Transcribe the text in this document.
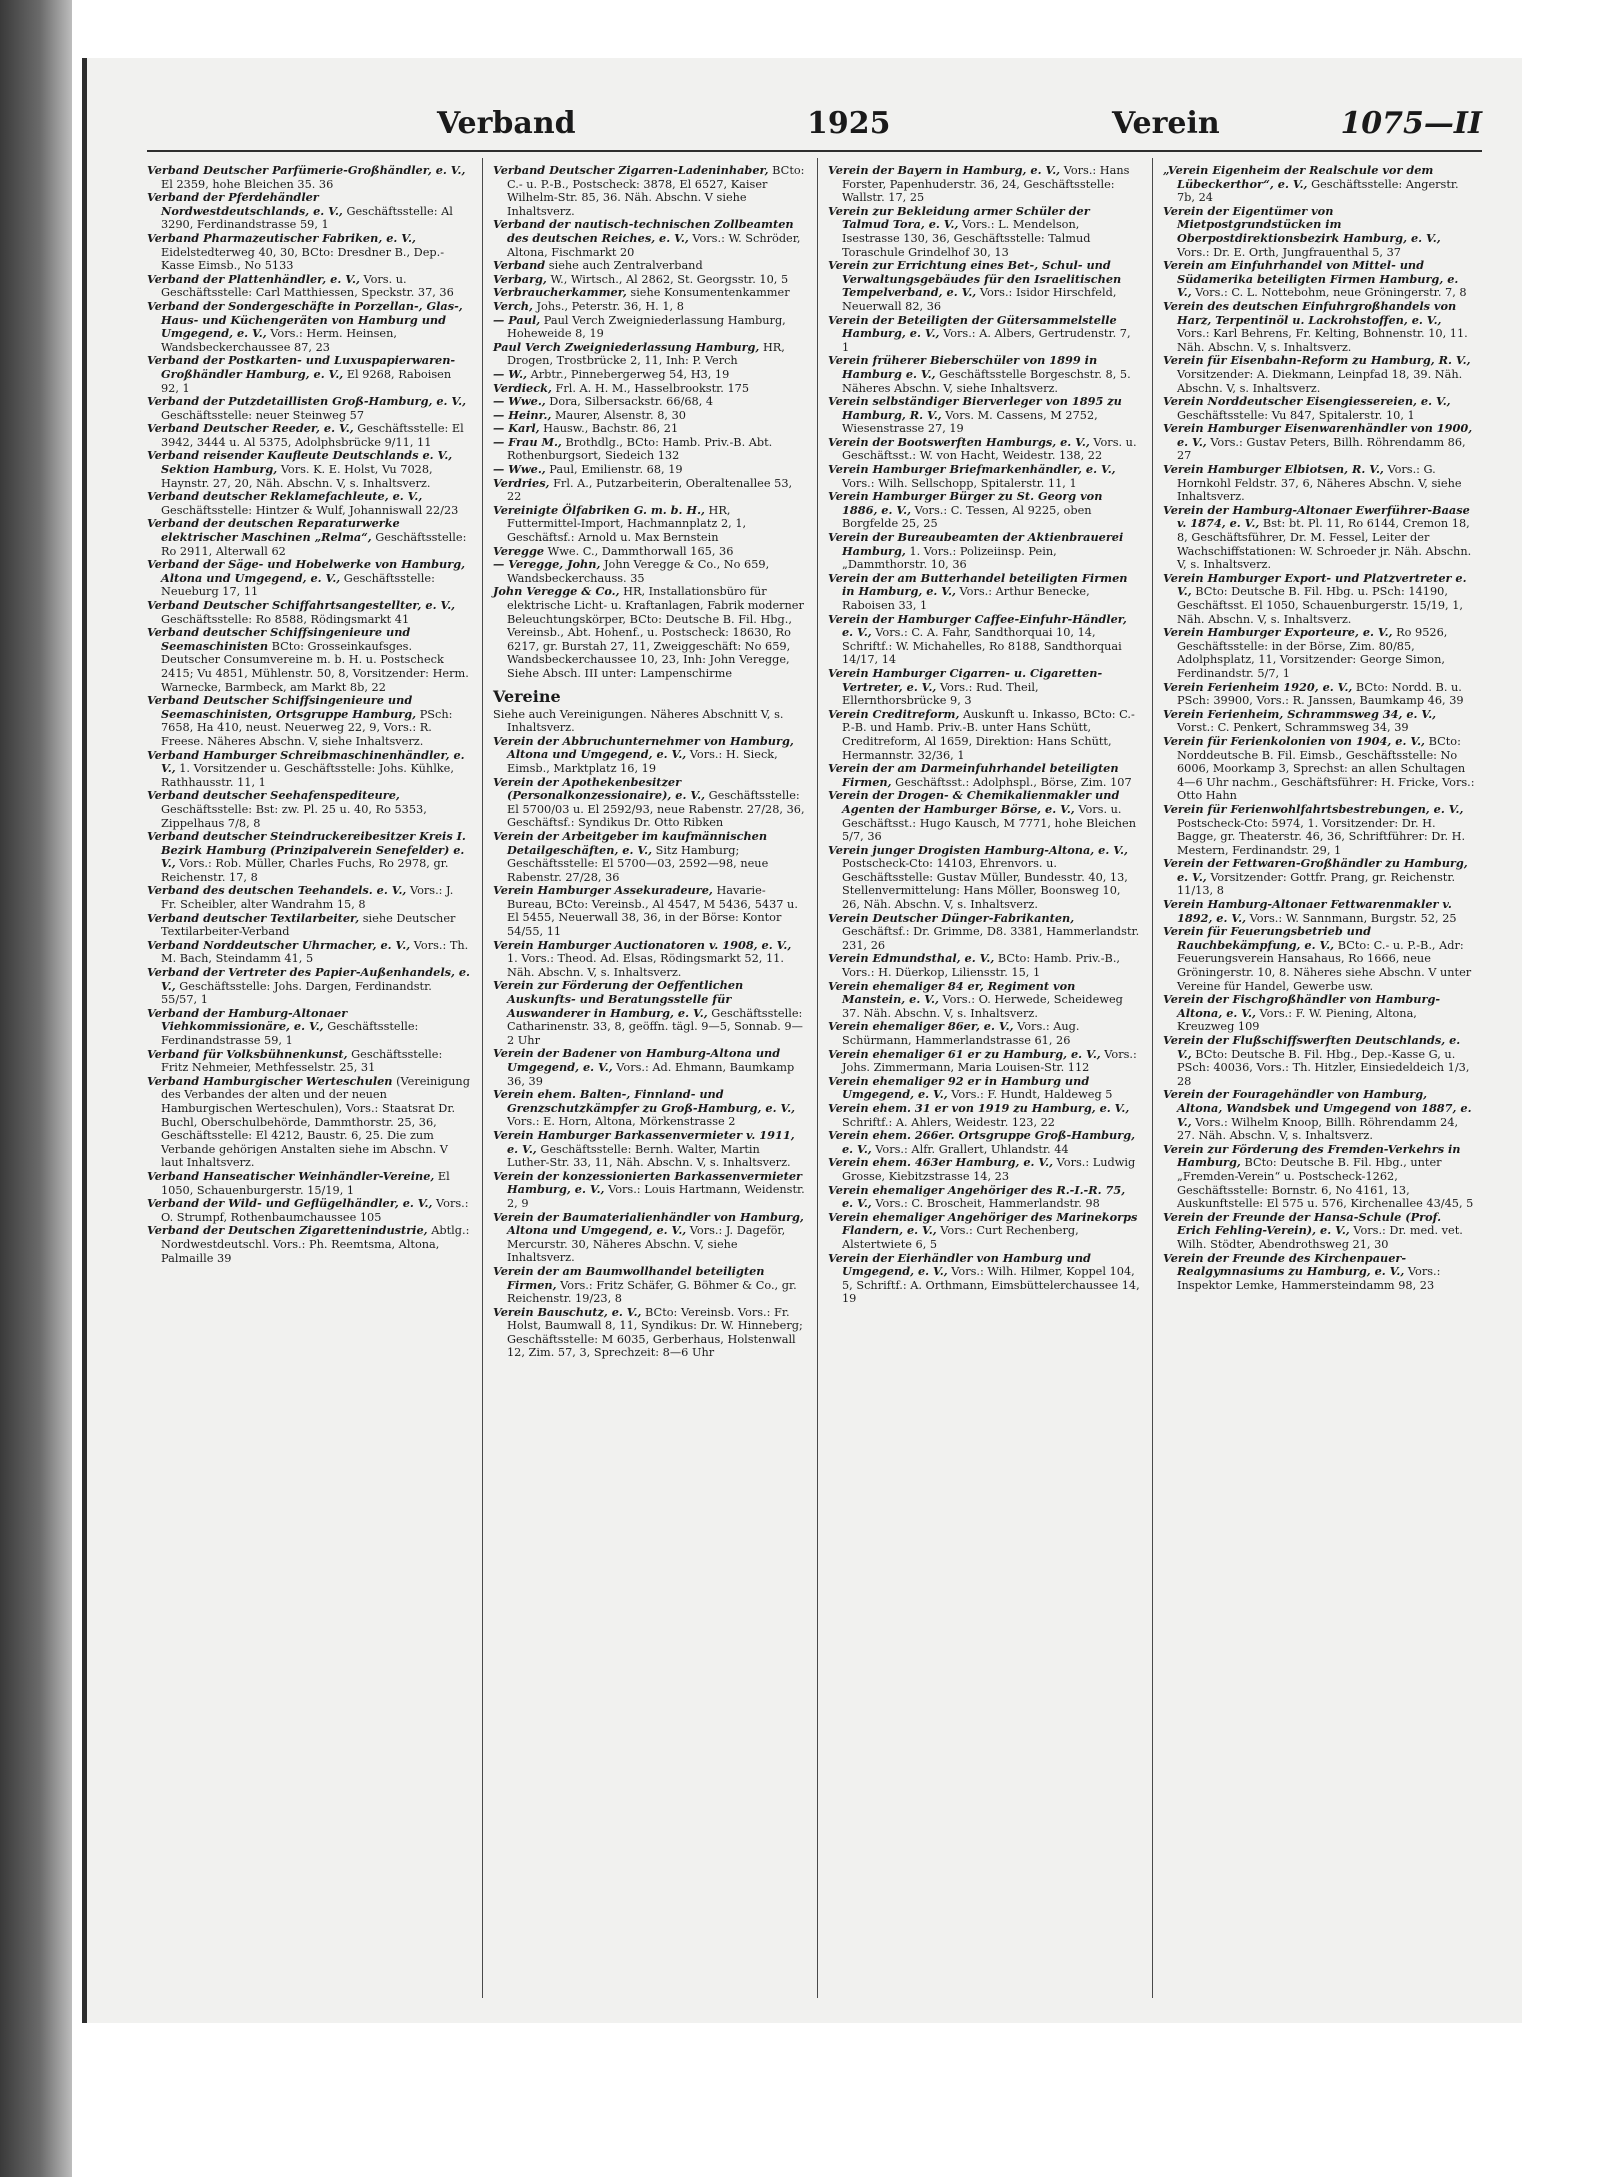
Verband	1925	Verein	1075—II

Verband Deutscher Parfümerie-Großhändler, e. V., El 2359, hohe Bleichen 35. 36

Verband der Pferdehändler Nordwestdeutschlands, e. V., Geschäftsstelle: Al 3290, Ferdinandstrasse 59, 1

Verband Pharmazeutischer Fabriken, e. V., Eidelstedterweg 40, 30, BCto: Dresdner B., Dep.-Kasse Eimsb., No 5133

Verband der Plattenhändler, e. V., Vors. u. Geschäftsstelle: Carl Matthiessen, Speckstr. 37, 36

Verband der Sondergeschäfte in Porzellan-, Glas-, Haus- und Küchengeräten von Hamburg und Umgegend, e. V., Vors.: Herm. Heinsen, Wandsbeckerchaussee 87, 23

Verband der Postkarten- und Luxuspapierwaren-Großhändler Hamburg, e. V., El 9268, Raboisen 92, 1

Verband der Putzdetaillisten Groß-Hamburg, e. V., Geschäftsstelle: neuer Steinweg 57

Verband Deutscher Reeder, e. V., Geschäftsstelle: El 3942, 3444 u. Al 5375, Adolphsbrücke 9/11, 11

Verband reisender Kaufleute Deutschlands e. V., Sektion Hamburg, Vors. K. E. Holst, Vu 7028, Haynstr. 27, 20, Näh. Abschn. V, s. Inhaltsverz.

Verband deutscher Reklamefachleute, e. V., Geschäftsstelle: Hintzer & Wulf, Johanniswall 22/23

Verband der deutschen Reparaturwerke elektrischer Maschinen „Relma“, Geschäftsstelle: Ro 2911, Alterwall 62

Verband der Säge- und Hobelwerke von Hamburg, Altona und Umgegend, e. V., Geschäftsstelle: Neueburg 17, 11

Verband Deutscher Schiffahrtsangestellter, e. V., Geschäftsstelle: Ro 8588, Rödingsmarkt 41

Verband deutscher Schiffsingenieure und Seemaschinisten BCto: Grosseinkaufsges. Deutscher Consumvereine m. b. H. u. Postscheck 2415; Vu 4851, Mühlenstr. 50, 8, Vorsitzender: Herm. Warnecke, Barmbeck, am Markt 8b, 22

Verband Deutscher Schiffsingenieure und Seemaschinisten, Ortsgruppe Hamburg, PSch: 7658, Ha 410, neust. Neuerweg 22, 9, Vors.: R. Freese. Näheres Abschn. V, siehe Inhaltsverz.

Verband Hamburger Schreibmaschinenhändler, e. V., 1. Vorsitzender u. Geschäftsstelle: Johs. Kühlke, Rathhausstr. 11, 1

Verband deutscher Seehafenspediteure, Geschäftsstelle: Bst: zw. Pl. 25 u. 40, Ro 5353, Zippelhaus 7/8, 8

Verband deutscher Steindruckereibesitzer Kreis I. Bezirk Hamburg (Prinzipalverein Senefelder) e. V., Vors.: Rob. Müller, Charles Fuchs, Ro 2978, gr. Reichenstr. 17, 8

Verband des deutschen Teehandels. e. V., Vors.: J. Fr. Scheibler, alter Wandrahm 15, 8

Verband deutscher Textilarbeiter, siehe Deutscher Textilarbeiter-Verband

Verband Norddeutscher Uhrmacher, e. V., Vors.: Th. M. Bach, Steindamm 41, 5

Verband der Vertreter des Papier-Außenhandels, e. V., Geschäftsstelle: Johs. Dargen, Ferdinandstr. 55/57, 1

Verband der Hamburg-Altonaer Viehkommissionäre, e. V., Geschäftsstelle: Ferdinandstrasse 59, 1

Verband für Volksbühnenkunst, Geschäftsstelle: Fritz Nehmeier, Methfesselstr. 25, 31

Verband Hamburgischer Werteschulen (Vereinigung des Verbandes der alten und der neuen Hamburgischen Werteschulen), Vors.: Staatsrat Dr. Buchl, Oberschulbehörde, Dammthorstr. 25, 36, Geschäftsstelle: El 4212, Baustr. 6, 25. Die zum Verbande gehörigen Anstalten siehe im Abschn. V laut Inhaltsverz.

Verband Hanseatischer Weinhändler-Vereine, El 1050, Schauenburgerstr. 15/19, 1

Verband der Wild- und Geflügelhändler, e. V., Vors.: O. Strumpf, Rothenbaumchaussee 105

Verband der Deutschen Zigarettenindustrie, Abtlg.: Nordwestdeutschl. Vors.: Ph. Reemtsma, Altona, Palmaille 39

Verband Deutscher Zigarren-Ladeninhaber, BCto: C.- u. P.-B., Postscheck: 3878, El 6527, Kaiser Wilhelm-Str. 85, 36. Näh. Abschn. V siehe Inhaltsverz.

Verband der nautisch-technischen Zollbeamten des deutschen Reiches, e. V., Vors.: W. Schröder, Altona, Fischmarkt 20

Verband siehe auch Zentralverband

Verbarg, W., Wirtsch., Al 2862, St. Georgsstr. 10, 5

Verbraucherkammer, siehe Konsumentenkammer

Verch, Johs., Peterstr. 36, H. 1, 8

— Paul, Paul Verch Zweigniederlassung Hamburg, Hoheweide 8, 19

Paul Verch Zweigniederlassung Hamburg, HR, Drogen, Trostbrücke 2, 11, Inh: P. Verch

— W., Arbtr., Pinnebergerweg 54, H3, 19

Verdieck, Frl. A. H. M., Hasselbrookstr. 175

— Wwe., Dora, Silbersackstr. 66/68, 4

— Heinr., Maurer, Alsenstr. 8, 30

— Karl, Hausw., Bachstr. 86, 21

— Frau M., Brothdlg., BCto: Hamb. Priv.-B. Abt. Rothenburgsort, Siedeich 132

— Wwe., Paul, Emilienstr. 68, 19

Verdries, Frl. A., Putzarbeiterin, Oberaltenallee 53, 22

Vereinigte Ölfabriken G. m. b. H., HR, Futtermittel-Import, Hachmannplatz 2, 1, Geschäftsf.: Arnold u. Max Bernstein

Veregge Wwe. C., Dammthorwall 165, 36

— Veregge, John, John Veregge & Co., No 659, Wandsbeckerchauss. 35

John Veregge & Co., HR, Installationsbüro für elektrische Licht- u. Kraftanlagen, Fabrik moderner Beleuchtungskörper, BCto: Deutsche B. Fil. Hbg., Vereinsb., Abt. Hohenf., u. Postscheck: 18630, Ro 6217, gr. Burstah 27, 11, Zweiggeschäft: No 659, Wandsbeckerchaussee 10, 23, Inh: John Veregge, Siehe Absch. III unter: Lampenschirme

Vereine

Siehe auch Vereinigungen. Näheres Abschnitt V, s. Inhaltsverz.

Verein der Abbruchunternehmer von Hamburg, Altona und Umgegend, e. V., Vors.: H. Sieck, Eimsb., Marktplatz 16, 19

Verein der Apothekenbesitzer (Personalkonzessionaire), e. V., Geschäftsstelle: El 5700/03 u. El 2592/93, neue Rabenstr. 27/28, 36, Geschäftsf.: Syndikus Dr. Otto Ribken

Verein der Arbeitgeber im kaufmännischen Detailgeschäften, e. V., Sitz Hamburg; Geschäftsstelle: El 5700—03, 2592—98, neue Rabenstr. 27/28, 36

Verein Hamburger Assekuradeure, Havarie-Bureau, BCto: Vereinsb., Al 4547, M 5436, 5437 u. El 5455, Neuerwall 38, 36, in der Börse: Kontor 54/55, 11

Verein Hamburger Auctionatoren v. 1908, e. V., 1. Vors.: Theod. Ad. Elsas, Rödingsmarkt 52, 11. Näh. Abschn. V, s. Inhaltsverz.

Verein zur Förderung der Oeffentlichen Auskunfts- und Beratungsstelle für Auswanderer in Hamburg, e. V., Geschäftsstelle: Catharinenstr. 33, 8, geöffn. tägl. 9—5, Sonnab. 9—2 Uhr

Verein der Badener von Hamburg-Altona und Umgegend, e. V., Vors.: Ad. Ehmann, Baumkamp 36, 39

Verein ehem. Balten-, Finnland- und Grenzschutzkämpfer zu Groß-Hamburg, e. V., Vors.: E. Horn, Altona, Mörkenstrasse 2

Verein Hamburger Barkassenvermieter v. 1911, e. V., Geschäftsstelle: Bernh. Walter, Martin Luther-Str. 33, 11, Näh. Abschn. V, s. Inhaltsverz.

Verein der konzessionierten Barkassenvermieter Hamburg, e. V., Vors.: Louis Hartmann, Weidenstr. 2, 9

Verein der Baumaterialienhändler von Hamburg, Altona und Umgegend, e. V., Vors.: J. Dageför, Mercurstr. 30, Näheres Abschn. V, siehe Inhaltsverz.

Verein der am Baumwollhandel beteiligten Firmen, Vors.: Fritz Schäfer, G. Böhmer & Co., gr. Reichenstr. 19/23, 8

Verein Bauschutz, e. V., BCto: Vereinsb. Vors.: Fr. Holst, Baumwall 8, 11, Syndikus: Dr. W. Hinneberg; Geschäftsstelle: M 6035, Gerberhaus, Holstenwall 12, Zim. 57, 3, Sprechzeit: 8—6 Uhr

Verein der Bayern in Hamburg, e. V., Vors.: Hans Forster, Papenhuderstr. 36, 24, Geschäftsstelle: Wallstr. 17, 25

Verein zur Bekleidung armer Schüler der Talmud Tora, e. V., Vors.: L. Mendelson, Isestrasse 130, 36, Geschäftsstelle: Talmud Toraschule Grindelhof 30, 13

Verein zur Errichtung eines Bet-, Schul- und Verwaltungsgebäudes für den Israelitischen Tempelverband, e. V., Vors.: Isidor Hirschfeld, Neuerwall 82, 36

Verein der Beteiligten der Gütersammelstelle Hamburg, e. V., Vors.: A. Albers, Gertrudenstr. 7, 1

Verein früherer Bieberschüler von 1899 in Hamburg e. V., Geschäftsstelle Borgeschstr. 8, 5. Näheres Abschn. V, siehe Inhaltsverz.

Verein selbständiger Bierverleger von 1895 zu Hamburg, R. V., Vors. M. Cassens, M 2752, Wiesenstrasse 27, 19

Verein der Bootswerften Hamburgs, e. V., Vors. u. Geschäftsst.: W. von Hacht, Weidestr. 138, 22

Verein Hamburger Briefmarkenhändler, e. V., Vors.: Wilh. Sellschopp, Spitalerstr. 11, 1

Verein Hamburger Bürger zu St. Georg von 1886, e. V., Vors.: C. Tessen, Al 9225, oben Borgfelde 25, 25

Verein der Bureaubeamten der Aktienbrauerei Hamburg, 1. Vors.: Polizeiinsp. Pein, „Dammthorstr. 10, 36

Verein der am Butterhandel beteiligten Firmen in Hamburg, e. V., Vors.: Arthur Benecke, Raboisen 33, 1

Verein der Hamburger Caffee-Einfuhr-Händler, e. V., Vors.: C. A. Fahr, Sandthorquai 10, 14, Schriftf.: W. Michahelles, Ro 8188, Sandthorquai 14/17, 14

Verein Hamburger Cigarren- u. Cigaretten-Vertreter, e. V., Vors.: Rud. Theil, Ellernthorsbrücke 9, 3

Verein Creditreform, Auskunft u. Inkasso, BCto: C.-P.-B. und Hamb. Priv.-B. unter Hans Schütt, Creditreform, Al 1659, Direktion: Hans Schütt, Hermannstr. 32/36, 1

Verein der am Darmeinfuhrhandel beteiligten Firmen, Geschäftsst.: Adolphspl., Börse, Zim. 107

Verein der Drogen- & Chemikalienmakler und Agenten der Hamburger Börse, e. V., Vors. u. Geschäftsst.: Hugo Kausch, M 7771, hohe Bleichen 5/7, 36

Verein junger Drogisten Hamburg-Altona, e. V., Postscheck-Cto: 14103, Ehrenvors. u. Geschäftsstelle: Gustav Müller, Bundesstr. 40, 13, Stellenvermittelung: Hans Möller, Boonsweg 10, 26, Näh. Abschn. V, s. Inhaltsverz.

Verein Deutscher Dünger-Fabrikanten, Geschäftsf.: Dr. Grimme, D8. 3381, Hammerlandstr. 231, 26

Verein Edmundsthal, e. V., BCto: Hamb. Priv.-B., Vors.: H. Düerkop, Liliensstr. 15, 1

Verein ehemaliger 84 er, Regiment von Manstein, e. V., Vors.: O. Herwede, Scheideweg 37. Näh. Abschn. V, s. Inhaltsverz.

Verein ehemaliger 86er, e. V., Vors.: Aug. Schürmann, Hammerlandstrasse 61, 26

Verein ehemaliger 61 er zu Hamburg, e. V., Vors.: Johs. Zimmermann, Maria Louisen-Str. 112

Verein ehemaliger 92 er in Hamburg und Umgegend, e. V., Vors.: F. Hundt, Haldeweg 5

Verein ehem. 31 er von 1919 zu Hamburg, e. V., Schriftf.: A. Ahlers, Weidestr. 123, 22

Verein ehem. 266er. Ortsgruppe Groß-Hamburg, e. V., Vors.: Alfr. Grallert, Uhlandstr. 44

Verein ehem. 463er Hamburg, e. V., Vors.: Ludwig Grosse, Kiebitzstrasse 14, 23

Verein ehemaliger Angehöriger des R.-I.-R. 75, e. V., Vors.: C. Broscheit, Hammerlandstr. 98

Verein ehemaliger Angehöriger des Marinekorps Flandern, e. V., Vors.: Curt Rechenberg, Alstertwiete 6, 5

Verein der Eierhändler von Hamburg und Umgegend, e. V., Vors.: Wilh. Hilmer, Koppel 104, 5, Schriftf.: A. Orthmann, Eimsbüttelerchaussee 14, 19

„Verein Eigenheim der Realschule vor dem Lübeckerthor“, e. V., Geschäftsstelle: Angerstr. 7b, 24

Verein der Eigentümer von Mietpostgrundstücken im Oberpostdirektionsbezirk Hamburg, e. V., Vors.: Dr. E. Orth, Jungfrauenthal 5, 37

Verein am Einfuhrhandel von Mittel- und Südamerika beteiligten Firmen Hamburg, e. V., Vors.: C. L. Nottebohm, neue Gröningerstr. 7, 8

Verein des deutschen Einfuhrgroßhandels von Harz, Terpentinöl u. Lackrohstoffen, e. V., Vors.: Karl Behrens, Fr. Kelting, Bohnenstr. 10, 11. Näh. Abschn. V, s. Inhaltsverz.

Verein für Eisenbahn-Reform zu Hamburg, R. V., Vorsitzender: A. Diekmann, Leinpfad 18, 39. Näh. Abschn. V, s. Inhaltsverz.

Verein Norddeutscher Eisengiessereien, e. V., Geschäftsstelle: Vu 847, Spitalerstr. 10, 1

Verein Hamburger Eisenwarenhändler von 1900, e. V., Vors.: Gustav Peters, Billh. Röhrendamm 86, 27

Verein Hamburger Elbiotsen, R. V., Vors.: G. Hornkohl Feldstr. 37, 6, Näheres Abschn. V, siehe Inhaltsverz.

Verein der Hamburg-Altonaer Ewerführer-Baase v. 1874, e. V., Bst: bt. Pl. 11, Ro 6144, Cremon 18, 8, Geschäftsführer, Dr. M. Fessel, Leiter der Wachschiffstationen: W. Schroeder jr. Näh. Abschn. V, s. Inhaltsverz.

Verein Hamburger Export- und Platzvertreter e. V., BCto: Deutsche B. Fil. Hbg. u. PSch: 14190, Geschäftsst. El 1050, Schauenburgerstr. 15/19, 1, Näh. Abschn. V, s. Inhaltsverz.

Verein Hamburger Exporteure, e. V., Ro 9526, Geschäftsstelle: in der Börse, Zim. 80/85, Adolphsplatz, 11, Vorsitzender: George Simon, Ferdinandstr. 5/7, 1

Verein Ferienheim 1920, e. V., BCto: Nordd. B. u. PSch: 39900, Vors.: R. Janssen, Baumkamp 46, 39

Verein Ferienheim, Schrammsweg 34, e. V., Vorst.: C. Penkert, Schrammsweg 34, 39

Verein für Ferienkolonien von 1904, e. V., BCto: Norddeutsche B. Fil. Eimsb., Geschäftsstelle: No 6006, Moorkamp 3, Sprechst: an allen Schultagen 4—6 Uhr nachm., Geschäftsführer: H. Fricke, Vors.: Otto Hahn

Verein für Ferienwohlfahrtsbestrebungen, e. V., Postscheck-Cto: 5974, 1. Vorsitzender: Dr. H. Bagge, gr. Theaterstr. 46, 36, Schriftführer: Dr. H. Mestern, Ferdinandstr. 29, 1

Verein der Fettwaren-Großhändler zu Hamburg, e. V., Vorsitzender: Gottfr. Prang, gr. Reichenstr. 11/13, 8

Verein Hamburg-Altonaer Fettwarenmakler v. 1892, e. V., Vors.: W. Sannmann, Burgstr. 52, 25

Verein für Feuerungsbetrieb und Rauchbekämpfung, e. V., BCto: C.- u. P.-B., Adr: Feuerungsverein Hansahaus, Ro 1666, neue Gröningerstr. 10, 8. Näheres siehe Abschn. V unter Vereine für Handel, Gewerbe usw.

Verein der Fischgroßhändler von Hamburg-Altona, e. V., Vors.: F. W. Piening, Altona, Kreuzweg 109

Verein der Flußschiffswerften Deutschlands, e. V., BCto: Deutsche B. Fil. Hbg., Dep.-Kasse G, u. PSch: 40036, Vors.: Th. Hitzler, Einsiedeldeich 1/3, 28

Verein der Fouragehändler von Hamburg, Altona, Wandsbek und Umgegend von 1887, e. V., Vors.: Wilhelm Knoop, Billh. Röhrendamm 24, 27. Näh. Abschn. V, s. Inhaltsverz.

Verein zur Förderung des Fremden-Verkehrs in Hamburg, BCto: Deutsche B. Fil. Hbg., unter „Fremden-Verein“ u. Postscheck-1262, Geschäftsstelle: Bornstr. 6, No 4161, 13, Auskunftstelle: El 575 u. 576, Kirchenallee 43/45, 5

Verein der Freunde der Hansa-Schule (Prof. Erich Fehling-Verein), e. V., Vors.: Dr. med. vet. Wilh. Stödter, Abendrothsweg 21, 30

Verein der Freunde des Kirchenpauer-Realgymnasiums zu Hamburg, e. V., Vors.: Inspektor Lemke, Hammersteindamm 98, 23
